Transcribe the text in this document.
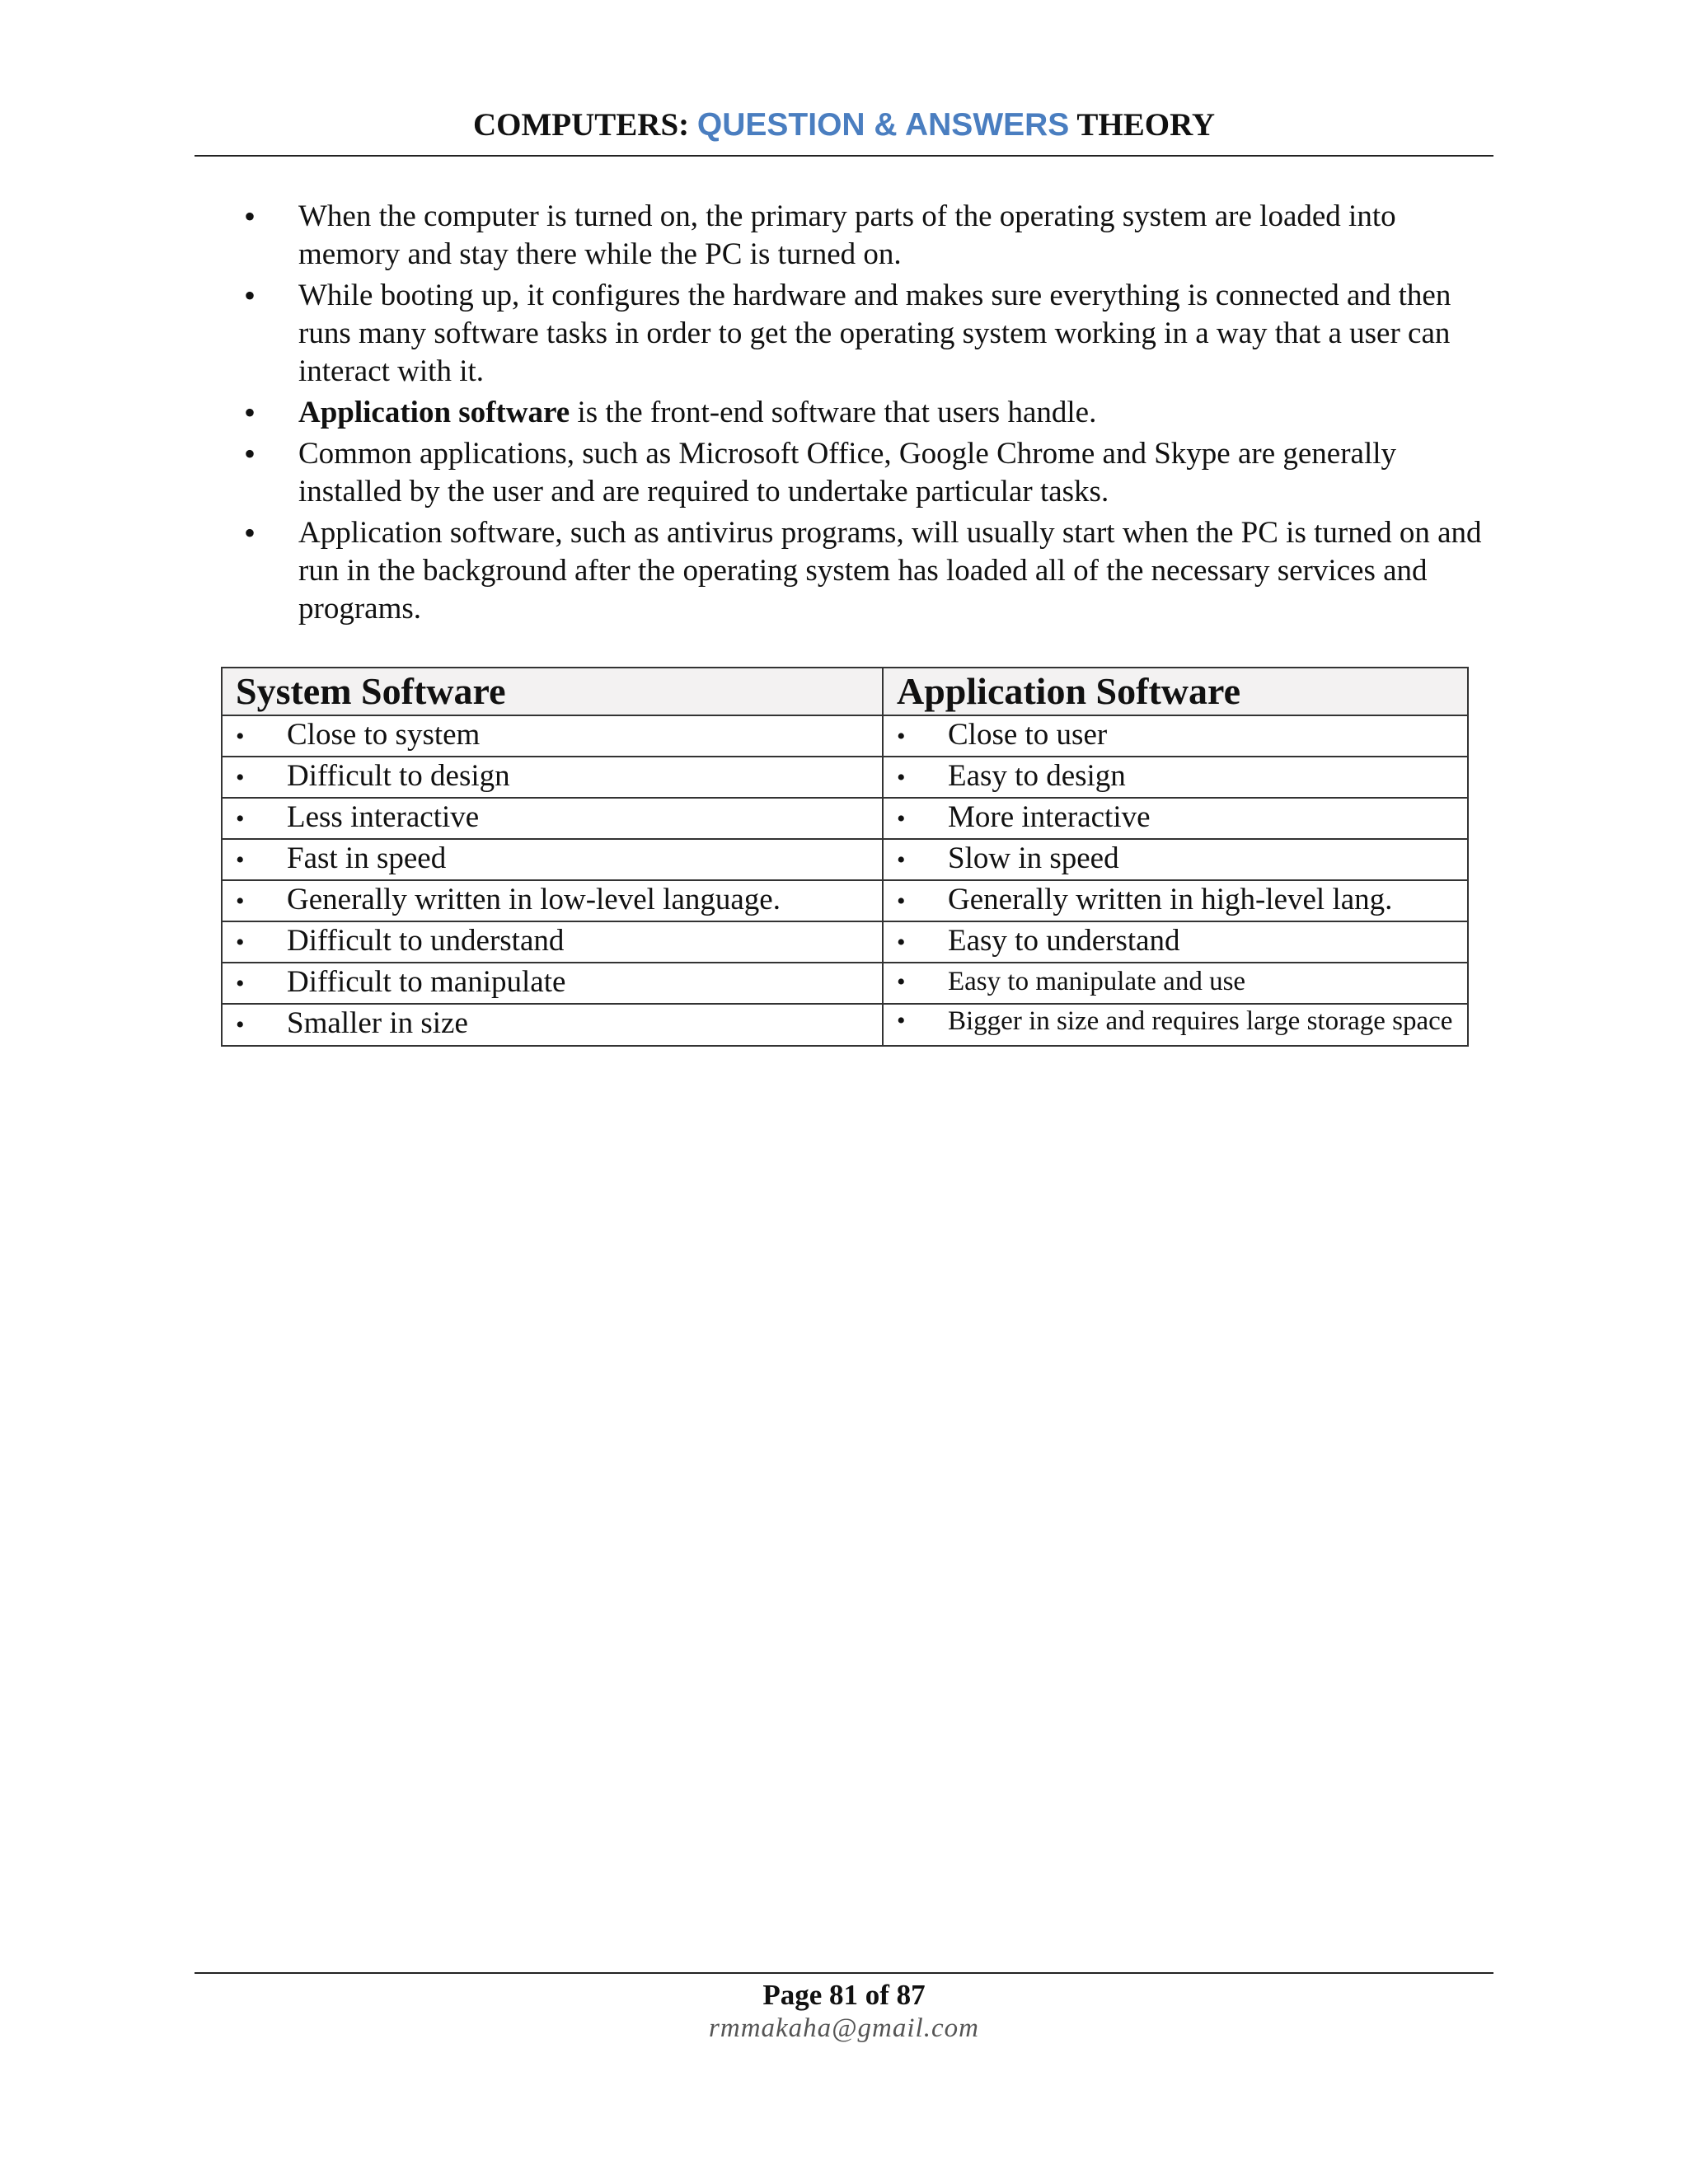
COMPUTERS: QUESTION & ANSWERS THEORY
• When the computer is turned on, the primary parts of the operating system are loaded into memory and stay there while the PC is turned on.
• While booting up, it configures the hardware and makes sure everything is connected and then runs many software tasks in order to get the operating system working in a way that a user can interact with it.
• Application software is the front-end software that users handle.
• Common applications, such as Microsoft Office, Google Chrome and Skype are generally installed by the user and are required to undertake particular tasks.
• Application software, such as antivirus programs, will usually start when the PC is turned on and run in the background after the operating system has loaded all of the necessary services and programs.
System Software	Application Software
• Close to system	• Close to user
• Difficult to design	• Easy to design
• Less interactive	• More interactive
• Fast in speed	• Slow in speed
• Generally written in low-level language.	• Generally written in high-level lang.
• Difficult to understand	• Easy to understand
• Difficult to manipulate	• Easy to manipulate and use
• Smaller in size	• Bigger in size and requires large storage space
Page 81 of 87
rmmakaha@gmail.com
